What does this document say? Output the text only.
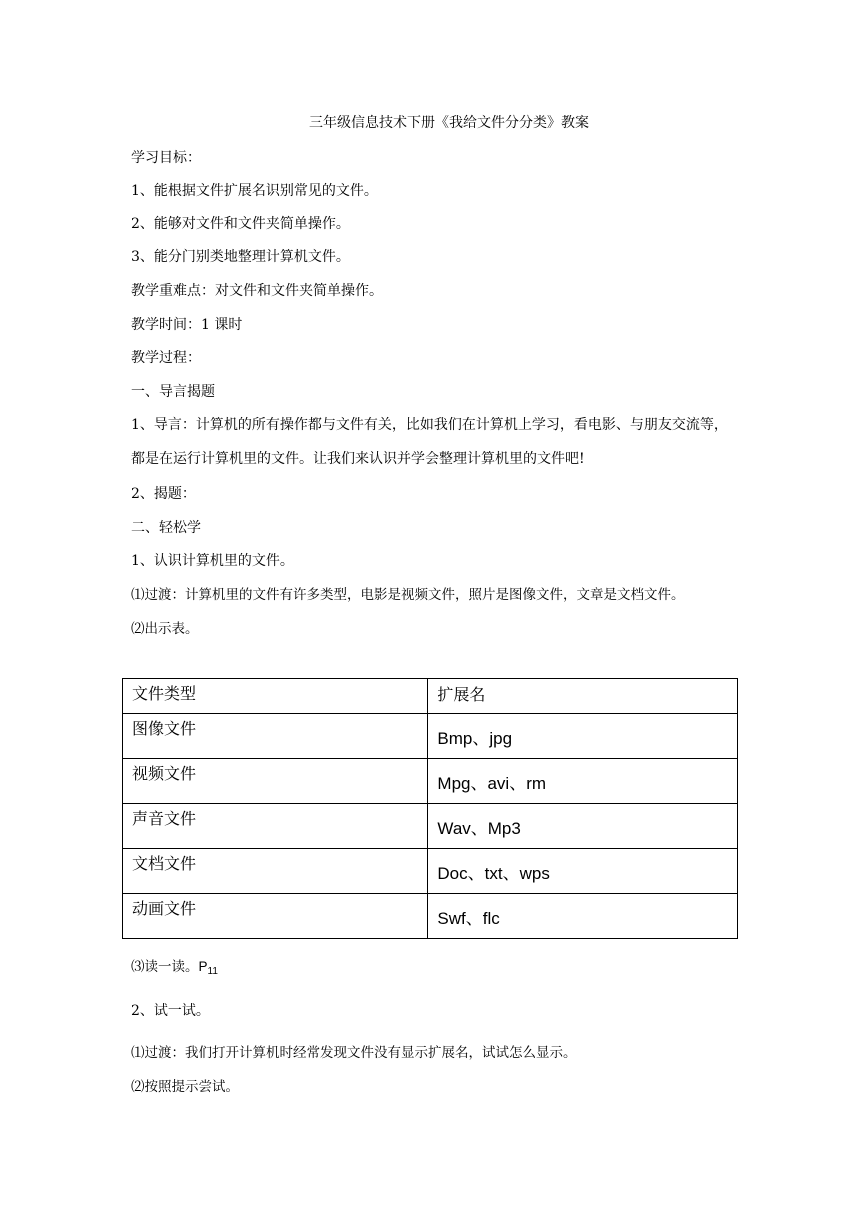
三年级信息技术下册《我给文件分分类》教案
学习目标：
1、能根据文件扩展名识别常见的文件。
2、能够对文件和文件夹简单操作。
3、能分门别类地整理计算机文件。
教学重难点：对文件和文件夹简单操作。
教学时间：1 课时
教学过程：
一、导言揭题
1、导言：计算机的所有操作都与文件有关，比如我们在计算机上学习，看电影、与朋友交流等，都是在运行计算机里的文件。让我们来认识并学会整理计算机里的文件吧!
2、揭题：
二、轻松学
1、认识计算机里的文件。
⑴过渡：计算机里的文件有许多类型，电影是视频文件，照片是图像文件，文章是文档文件。
⑵出示表。
文件类型	扩展名

图像文件	Bmp、jpg

视频文件	Mpg、avi、rm

声音文件	Wav、Mp3

文档文件	Doc、txt、wps

动画文件	Swf、flc
⑶读一读。$P_{11}$
2、试一试。
⑴过渡：我们打开计算机时经常发现文件没有显示扩展名，试试怎么显示。
⑵按照提示尝试。
